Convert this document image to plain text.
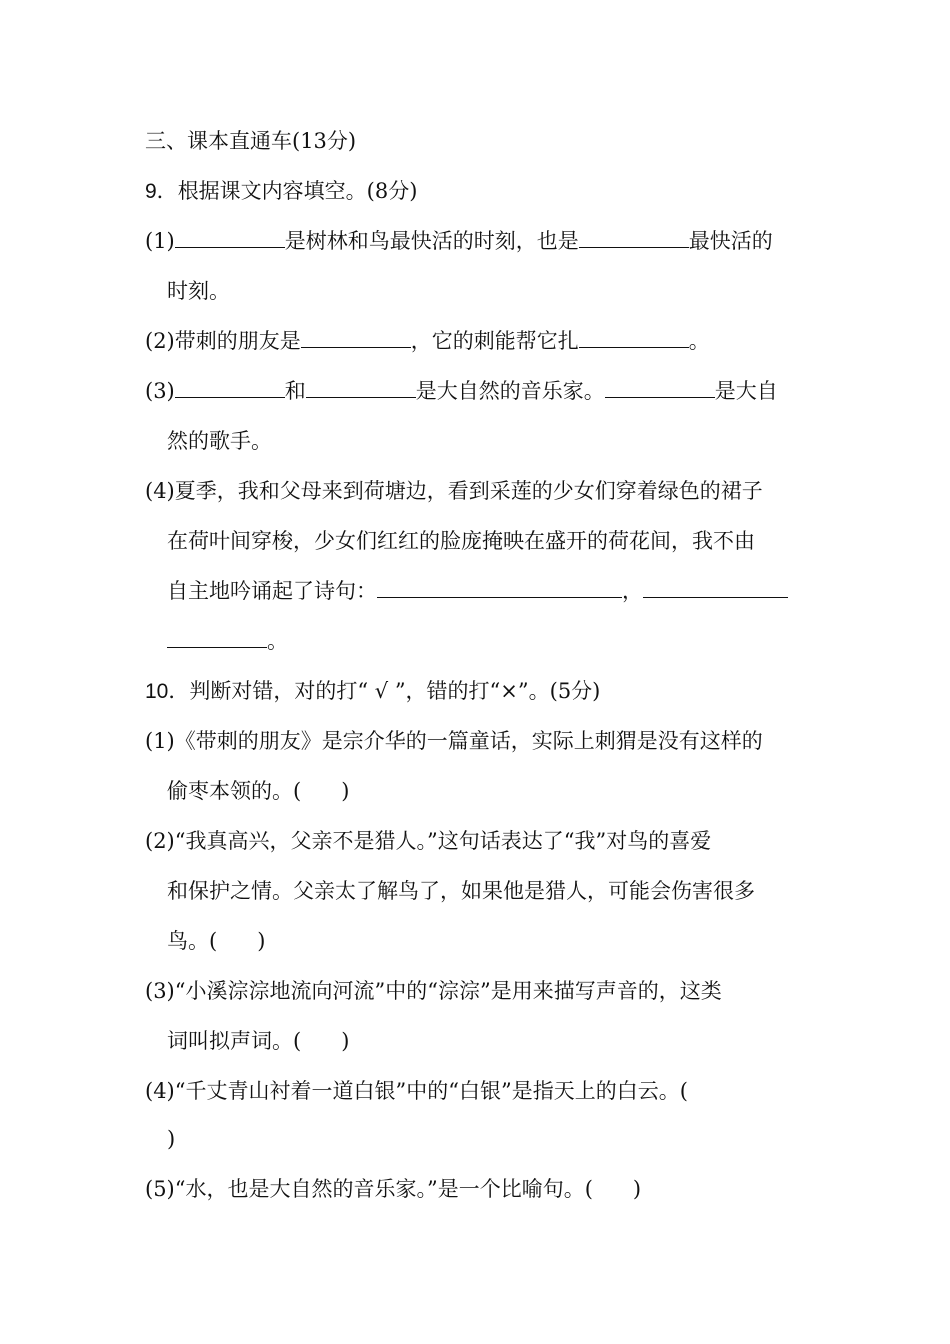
三、课本直通车(13分)
9．根据课文内容填空。(8分)
(1)	是树林和鸟最快活的时刻，也是	最快活的
时刻。
(2)带刺的朋友是	，它的刺能帮它扎	。
(3)	和	是大自然的音乐家。	是大自
然的歌手。
(4)夏季，我和父母来到荷塘边，看到采莲的少女们穿着绿色的裙子
在荷叶间穿梭，少女们红红的脸庞掩映在盛开的荷花间，我不由
自主地吟诵起了诗句：	，
。
10．判断对错，对的打“ √ ”，错的打“×”。(5分)
(1)《带刺的朋友》是宗介华的一篇童话，实际上刺猬是没有这样的
偷枣本领的。( )
(2)“我真高兴，父亲不是猎人。”这句话表达了“我”对鸟的喜爱
和保护之情。父亲太了解鸟了，如果他是猎人，可能会伤害很多
鸟。( )
(3)“小溪淙淙地流向河流”中的“淙淙”是用来描写声音的，这类
词叫拟声词。( )
(4)“千丈青山衬着一道白银”中的“白银”是指天上的白云。(
)
(5)“水，也是大自然的音乐家。”是一个比喻句。( )
